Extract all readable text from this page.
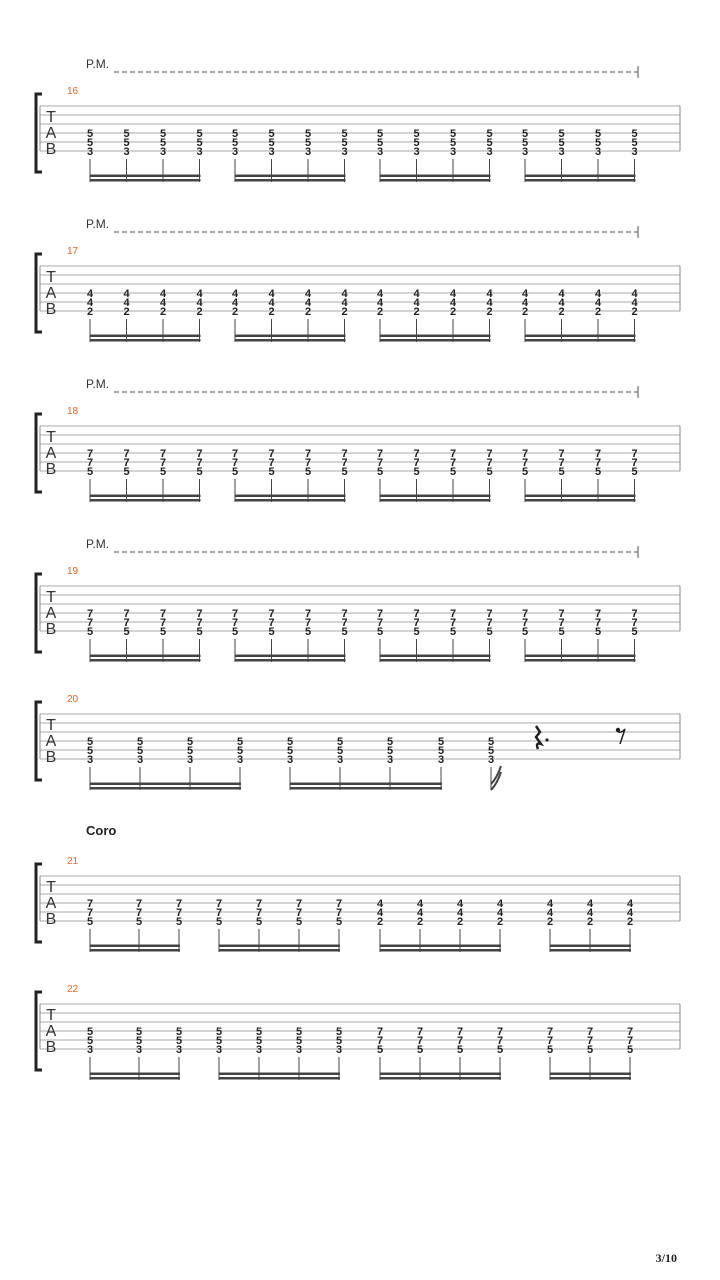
P.M.
16
T
A
B
5
5
3
5
5
3
5
5
3
5
5
3
5
5
3
5
5
3
5
5
3
5
5
3
5
5
3
5
5
3
5
5
3
5
5
3
5
5
3
5
5
3
5
5
3
5
5
3
P.M.
17
T
A
B
4
4
2
4
4
2
4
4
2
4
4
2
4
4
2
4
4
2
4
4
2
4
4
2
4
4
2
4
4
2
4
4
2
4
4
2
4
4
2
4
4
2
4
4
2
4
4
2
P.M.
18
T
A
B
7
7
5
7
7
5
7
7
5
7
7
5
7
7
5
7
7
5
7
7
5
7
7
5
7
7
5
7
7
5
7
7
5
7
7
5
7
7
5
7
7
5
7
7
5
7
7
5
P.M.
19
T
A
B
7
7
5
7
7
5
7
7
5
7
7
5
7
7
5
7
7
5
7
7
5
7
7
5
7
7
5
7
7
5
7
7
5
7
7
5
7
7
5
7
7
5
7
7
5
7
7
5
20
T
A
B
5
5
3
5
5
3
5
5
3
5
5
3
5
5
3
5
5
3
5
5
3
5
5
3
5
5
3
Coro
21
T
A
B
7
7
5
7
7
5
7
7
5
7
7
5
7
7
5
7
7
5
7
7
5
4
4
2
4
4
2
4
4
2
4
4
2
4
4
2
4
4
2
4
4
2
22
T
A
B
5
5
3
5
5
3
5
5
3
5
5
3
5
5
3
5
5
3
5
5
3
7
7
5
7
7
5
7
7
5
7
7
5
7
7
5
7
7
5
7
7
5
3/10
